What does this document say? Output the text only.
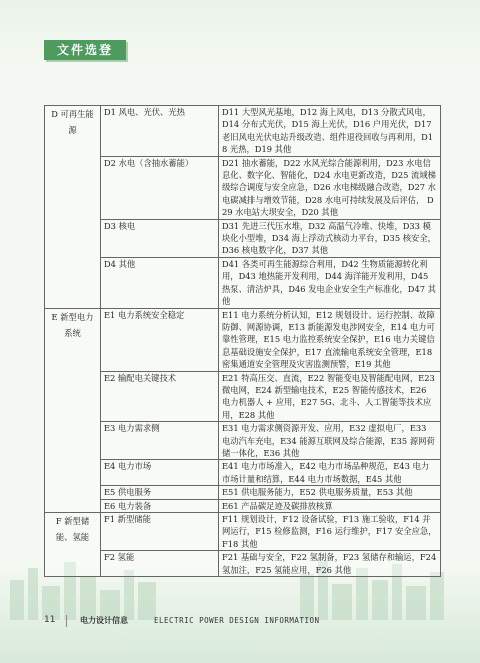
文件选登
D 可再生能源	D1 风电、光伏、光热	D11 大型风光基地，D12 海上风电，D13 分散式风电，D14 分布式光伏，D15 海上光伏，D16 户用光伏，D17 老旧风电光伏电站升级改造、组件退役回收与再利用，D18 光热，D19 其他
	D2 水电（含抽水蓄能）	D21 抽水蓄能，D22 水风光综合能源利用，D23 水电信息化、数字化、智能化，D24 水电更新改造，D25 流域梯级综合调度与安全应急，D26 水电梯级融合改造，D27 水电碳减排与增效节能，D28 水电可持续发展及后评估， D29 水电站大坝安全，D20 其他
	D3 核电	D31 先进三代压水堆，D32 高温气冷堆、快堆，D33 模块化小型堆，D34 海上浮动式核动力平台，D35 核安全，D36 核电数字化，D37 其他
	D4 其他	D41 各类可再生能源综合利用，D42 生物质能源转化利用，D43 地热能开发利用，D44 海洋能开发利用，D45 热泵、清洁炉具，D46 发电企业安全生产标准化，D47 其他
E 新型电力系统	E1 电力系统安全稳定	E11 电力系统分析认知，E12 规划设计、运行控制、故障防御、网源协调，E13 新能源发电涉网安全，E14 电力可靠性管理，E15 电力监控系统安全保护，E16 电力关键信息基础设施安全保护，E17 直流输电系统安全管理，E18 密集通道安全管理及灾害监测预警，E19 其他
	E2 输配电关键技术	E21 特高压交、直流，E22 智能变电及智能配电网，E23 微电网，E24 新型输电技术，E25 智能传感技术，E26 电力机器人 + 应用，E27 5G、北斗、人工智能等技术应用，E28 其他
	E3 电力需求侧	E31 电力需求侧资源开发、应用，E32 虚拟电厂，E33 电动汽车充电，E34 能源互联网及综合能源，E35 源网荷储一体化，E36 其他
	E4 电力市场	E41 电力市场准入，E42 电力市场品种规范，E43 电力市场计量和结算，E44 电力市场数据，E45 其他
	E5 供电服务	E51 供电服务能力，E52 供电服务质量，E53 其他
	E6 电力装备	E61 产品碳足迹及碳排放核算
F 新型储能、氢能	F1 新型储能	F11 规划设计，F12 设备试验，F13 施工验收，F14 并网运行，F15 检修监测，F16 运行维护，F17 安全应急，F18 其他
	F2 氢能	F21 基础与安全，F22 氢制备，F23 氢储存和输运，F24 氢加注，F25 氢能应用，F26 其他
11	电力设计信息	ELECTRIC POWER DESIGN INFORMATION
